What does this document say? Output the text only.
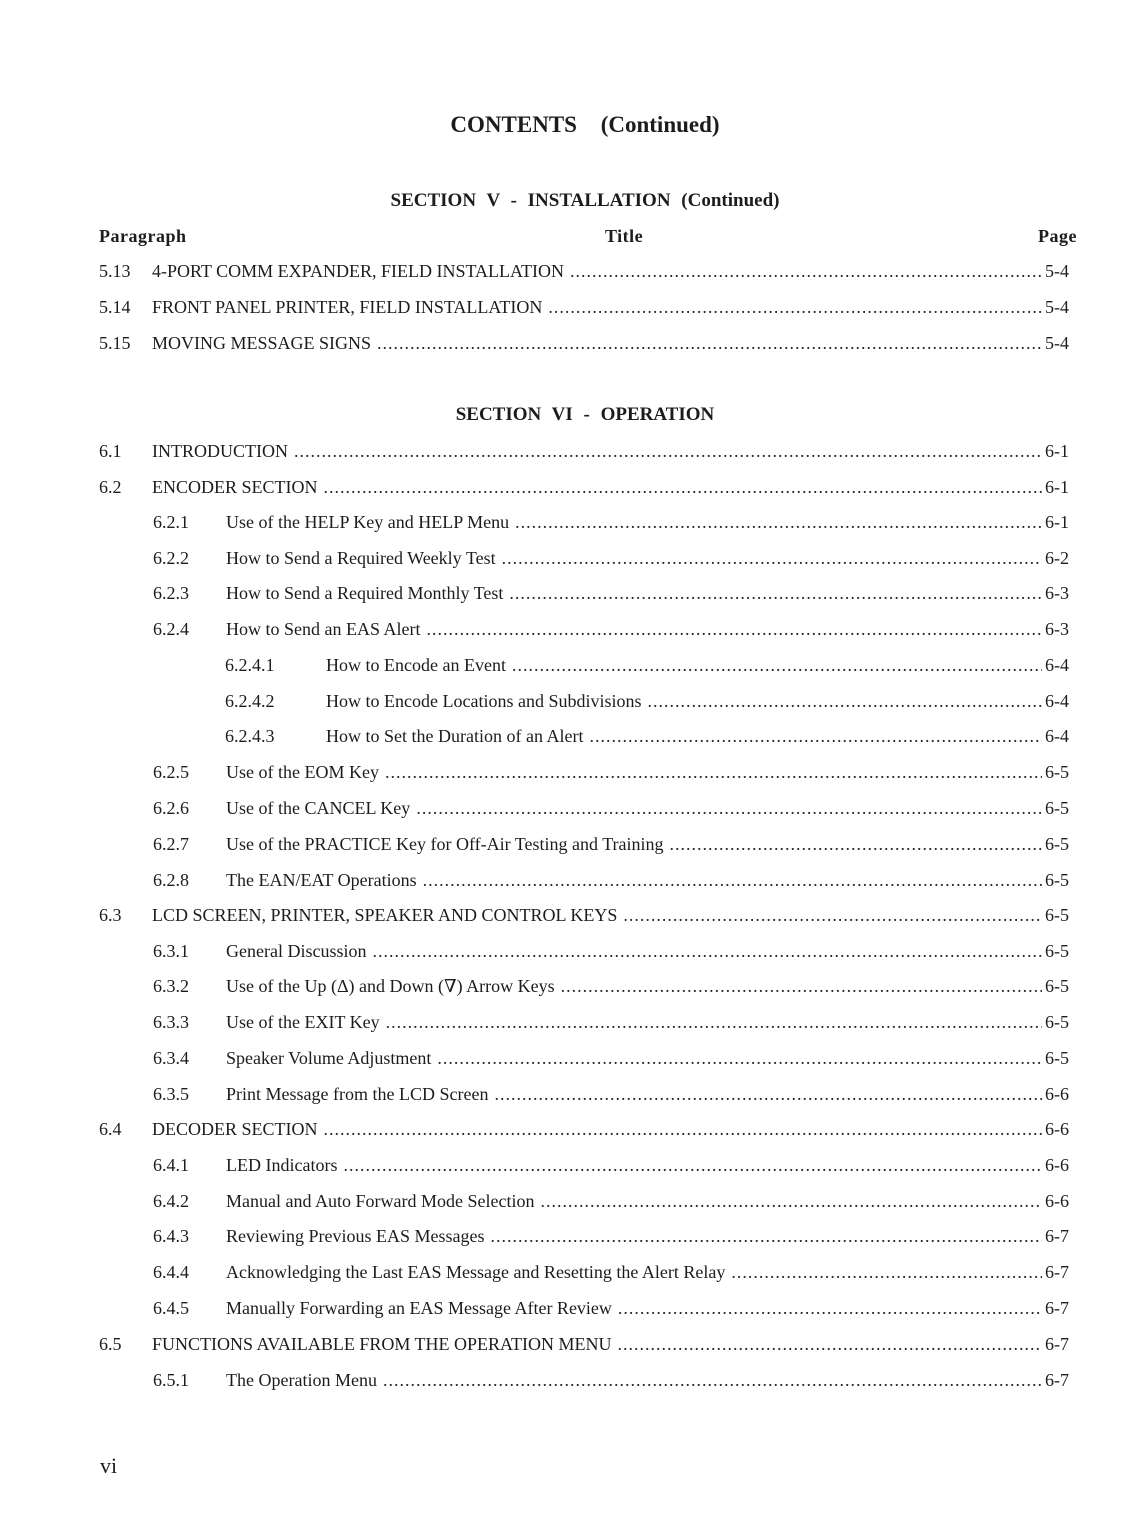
CONTENTS (Continued)
SECTION V - INSTALLATION (Continued)
Paragraph	Title	Page
SECTION VI - OPERATION
5.13	4-PORT COMM EXPANDER, FIELD INSTALLATION .....	5-4
5.14	FRONT PANEL PRINTER, FIELD INSTALLATION .....	5-4
5.15	MOVING MESSAGE SIGNS .....	5-4
6.1	INTRODUCTION .....	6-1
6.2	ENCODER SECTION .....	6-1
6.2.1	Use of the HELP Key and HELP Menu .....	6-1
6.2.2	How to Send a Required Weekly Test .....	6-2
6.2.3	How to Send a Required Monthly Test .....	6-3
6.2.4	How to Send an EAS Alert .....	6-3
6.2.4.1	How to Encode an Event .....	6-4
6.2.4.2	How to Encode Locations and Subdivisions .....	6-4
6.2.4.3	How to Set the Duration of an Alert .....	6-4
6.2.5	Use of the EOM Key .....	6-5
6.2.6	Use of the CANCEL Key .....	6-5
6.2.7	Use of the PRACTICE Key for Off-Air Testing and Training .....	6-5
6.2.8	The EAN/EAT Operations .....	6-5
6.3	LCD SCREEN, PRINTER, SPEAKER AND CONTROL KEYS .....	6-5
6.3.1	General Discussion .....	6-5
6.3.2	Use of the Up (Δ) and Down (∇) Arrow Keys .....	6-5
6.3.3	Use of the EXIT Key .....	6-5
6.3.4	Speaker Volume Adjustment .....	6-5
6.3.5	Print Message from the LCD Screen .....	6-6
6.4	DECODER SECTION .....	6-6
6.4.1	LED Indicators .....	6-6
6.4.2	Manual and Auto Forward Mode Selection .....	6-6
6.4.3	Reviewing Previous EAS Messages .....	6-7
6.4.4	Acknowledging the Last EAS Message and Resetting the Alert Relay .....	6-7
6.4.5	Manually Forwarding an EAS Message After Review .....	6-7
6.5	FUNCTIONS AVAILABLE FROM THE OPERATION MENU .....	6-7
6.5.1	The Operation Menu .....	6-7
vi
